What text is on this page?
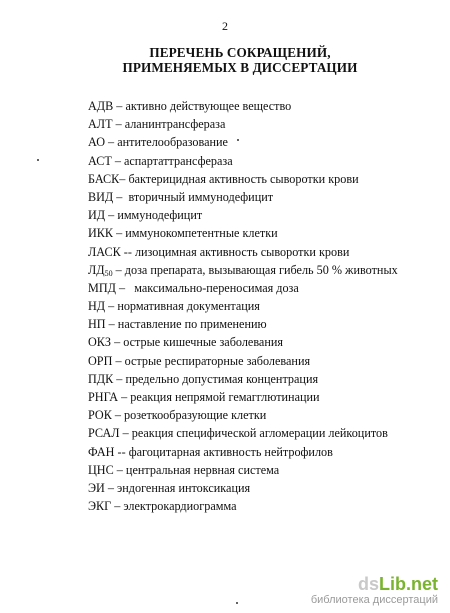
2
ПЕРЕЧЕНЬ СОКРАЩЕНИЙ, ПРИМЕНЯЕМЫХ В ДИССЕРТАЦИИ
АДВ – активно действующее вещество
АЛТ – аланинтрансфераза
АО – антителообразование
АСТ – аспартаттрансфераза
БАСК– бактерицидная активность сыворотки крови
ВИД –  вторичный иммунодефицит
ИД – иммунодефицит
ИКК – иммунокомпетентные клетки
ЛАСК -- лизоцимная активность сыворотки крови
ЛД50 – доза препарата, вызывающая гибель 50 % животных
МПД –   максимально-переносимая доза
НД – нормативная документация
НП – наставление по применению
ОКЗ – острые кишечные заболевания
ОРП – острые респираторные заболевания
ПДК – предельно допустимая концентрация
РНГА – реакция непрямой гемагглютинации
РОК – розеткообразующие клетки
РСАЛ – реакция специфической агломерации лейкоцитов
ФАН -- фагоцитарная активность нейтрофилов
ЦНС – центральная нервная система
ЭИ – эндогенная интоксикация
ЭКГ – электрокардиограмма
dsLib.net
библиотека диссертаций
